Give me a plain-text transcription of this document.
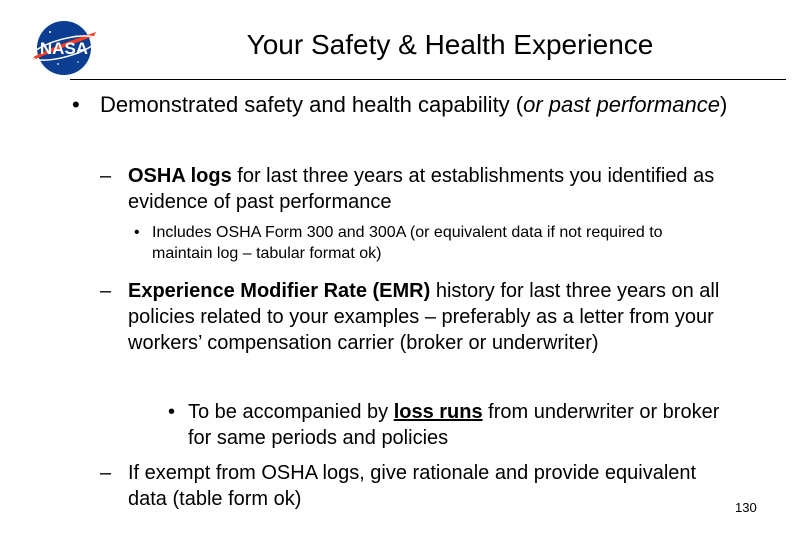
NASA	Your Safety & Health Experience
• Demonstrated safety and health capability (or past performance)
– OSHA logs for last three years at establishments you identified as evidence of past performance
• Includes OSHA Form 300 and 300A (or equivalent data if not required to maintain log – tabular format ok)
– Experience Modifier Rate (EMR) history for last three years on all policies related to your examples – preferably as a letter from your workers’ compensation carrier (broker or underwriter)
• To be accompanied by loss runs from underwriter or broker for same periods and policies
– If exempt from OSHA logs, give rationale and provide equivalent data (table form ok)	130
